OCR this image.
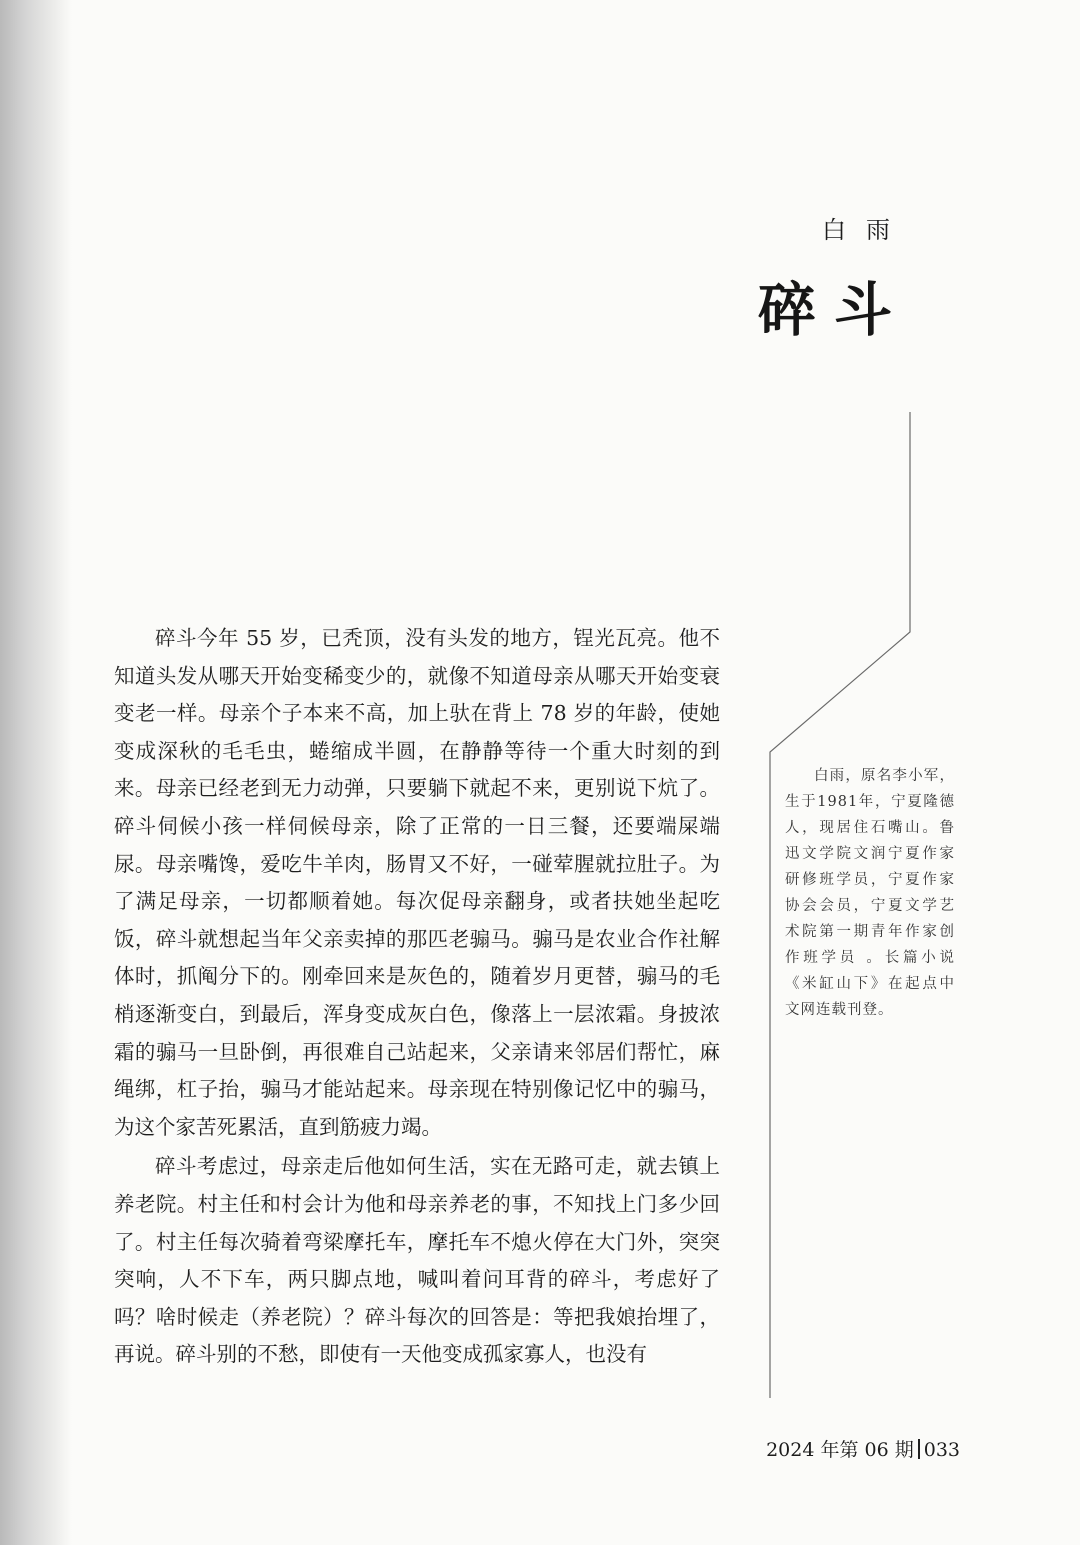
白雨
碎斗
白雨，原名李小军，生于1981年，宁夏隆德人，现居住石嘴山。鲁迅文学院文润宁夏作家研修班学员，宁夏作家协会会员，宁夏文学艺术院第一期青年作家创作班学员 。长篇小说《米缸山下》在起点中文网连载刊登。

碎斗今年 55 岁，已秃顶，没有头发的地方，锃光瓦亮。他不知道头发从哪天开始变稀变少的，就像不知道母亲从哪天开始变衰变老一样。母亲个子本来不高，加上驮在背上 78 岁的年龄，使她变成深秋的毛毛虫，蜷缩成半圆，在静静等待一个重大时刻的到来。母亲已经老到无力动弹，只要躺下就起不来，更别说下炕了。碎斗伺候小孩一样伺候母亲，除了正常的一日三餐，还要端屎端尿。母亲嘴馋，爱吃牛羊肉，肠胃又不好，一碰荤腥就拉肚子。为了满足母亲，一切都顺着她。每次促母亲翻身，或者扶她坐起吃饭，碎斗就想起当年父亲卖掉的那匹老骟马。骟马是农业合作社解体时，抓阄分下的。刚牵回来是灰色的，随着岁月更替，骟马的毛梢逐渐变白，到最后，浑身变成灰白色，像落上一层浓霜。身披浓霜的骟马一旦卧倒，再很难自己站起来，父亲请来邻居们帮忙，麻绳绑，杠子抬，骟马才能站起来。母亲现在特别像记忆中的骟马，为这个家苦死累活，直到筋疲力竭。

碎斗考虑过，母亲走后他如何生活，实在无路可走，就去镇上养老院。村主任和村会计为他和母亲养老的事，不知找上门多少回了。村主任每次骑着弯梁摩托车，摩托车不熄火停在大门外，突突突响，人不下车，两只脚点地，喊叫着问耳背的碎斗，考虑好了吗？啥时候走（养老院）？碎斗每次的回答是：等把我娘抬埋了，再说。碎斗别的不愁，即使有一天他变成孤家寡人，也没有

2024 年第 06 期 033
